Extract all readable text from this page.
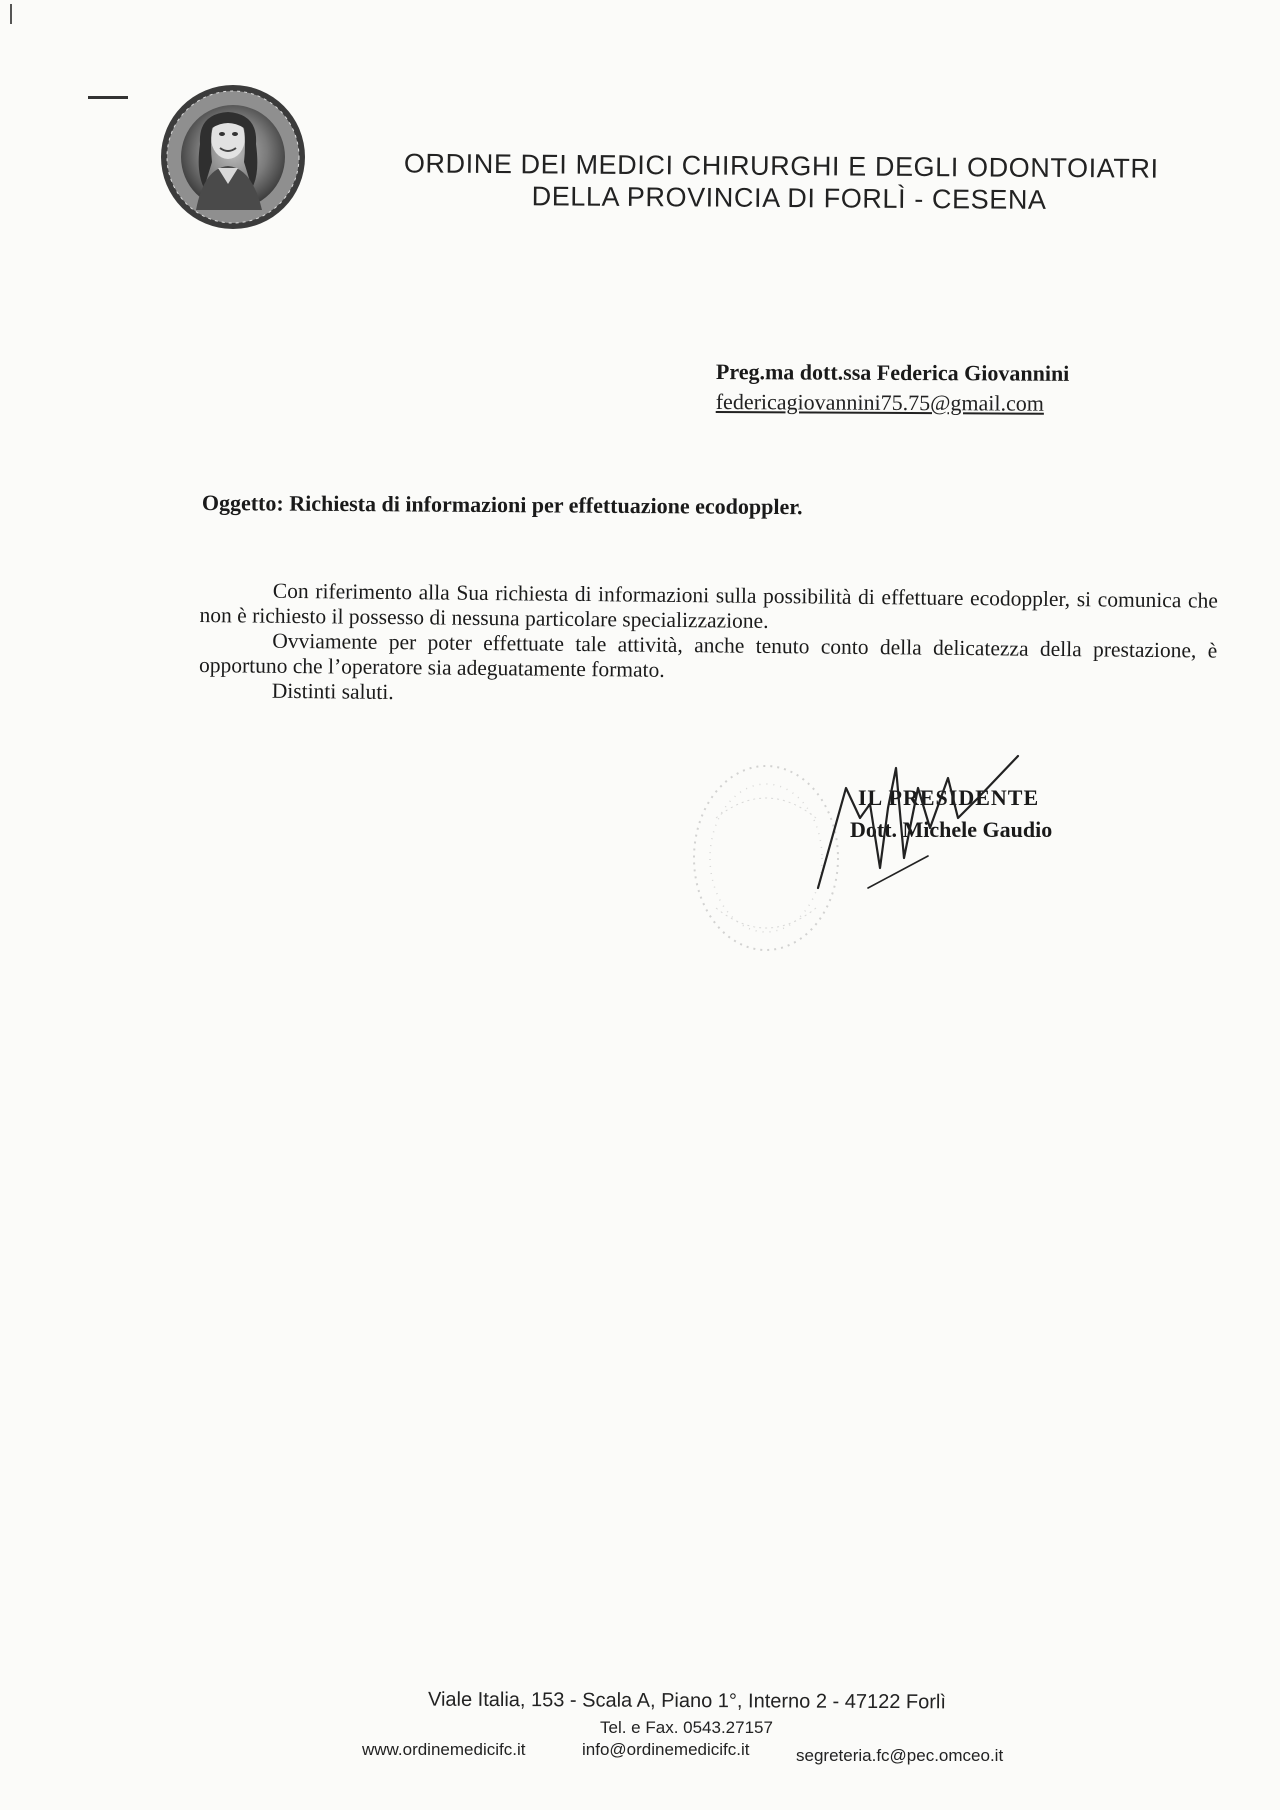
ORDINE DEI MEDICI CHIRURGHI E DEGLI ODONTOIATRI
DELLA PROVINCIA DI FORLÌ - CESENA
Preg.ma dott.ssa Federica Giovannini
federicagiovannini75.75@gmail.com
Oggetto: Richiesta di informazioni per effettuazione ecodoppler.

Con riferimento alla Sua richiesta di informazioni sulla possibilità di effettuare ecodoppler, si comunica che non è richiesto il possesso di nessuna particolare specializzazione.

Ovviamente per poter effettuate tale attività, anche tenuto conto della delicatezza della prestazione, è opportuno che l’operatore sia adeguatamente formato.

Distinti saluti.

IL PRESIDENTE
Dott. Michele Gaudio
Viale Italia, 153 - Scala A, Piano 1°, Interno 2 - 47122 Forlì
Tel. e Fax. 0543.27157
www.ordinemedicifc.it	info@ordinemedicifc.it	segreteria.fc@pec.omceo.it
